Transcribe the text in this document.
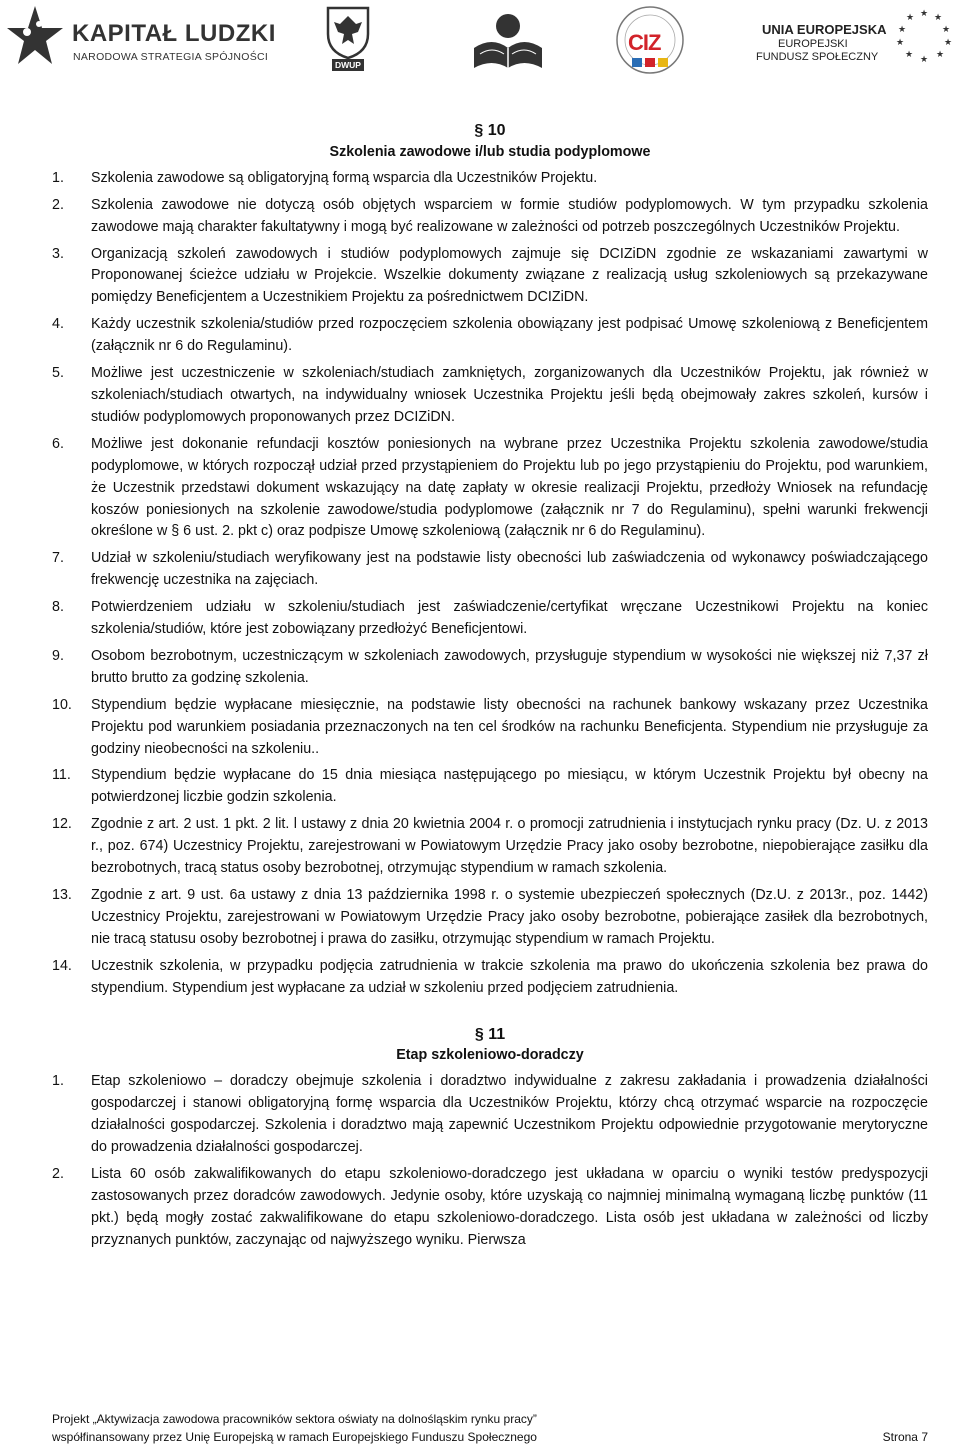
KAPITAŁ LUDZKI
NARODOWA STRATEGIA SPÓJNOŚCI
DWUP
CIZ
UNIA EUROPEJSKA
EUROPEJSKI
FUNDUSZ SPOŁECZNY
★ ★
★
★
★
★
★
★
★
★
§ 10
Szkolenia zawodowe i/lub studia podyplomowe
1. Szkolenia zawodowe są obligatoryjną formą wsparcia dla Uczestników Projektu.
2. Szkolenia zawodowe nie dotyczą osób objętych wsparciem w formie studiów podyplomowych. W tym przypadku szkolenia zawodowe mają charakter fakultatywny i mogą być realizowane w zależności od potrzeb poszczególnych Uczestników Projektu.
3. Organizacją szkoleń zawodowych i studiów podyplomowych zajmuje się DCIZiDN zgodnie ze wskazaniami zawartymi w Proponowanej ścieżce udziału w Projekcie. Wszelkie dokumenty związane z realizacją usług szkoleniowych są przekazywane pomiędzy Beneficjentem a Uczestnikiem Projektu za pośrednictwem DCIZiDN.
4. Każdy uczestnik szkolenia/studiów przed rozpoczęciem szkolenia obowiązany jest podpisać Umowę szkoleniową z Beneficjentem (załącznik nr 6 do Regulaminu).
5. Możliwe jest uczestniczenie w szkoleniach/studiach zamkniętych, zorganizowanych dla Uczestników Projektu, jak również w szkoleniach/studiach otwartych, na indywidualny wniosek Uczestnika Projektu jeśli będą obejmowały zakres szkoleń, kursów i studiów podyplomowych proponowanych przez DCIZiDN.
6. Możliwe jest dokonanie refundacji kosztów poniesionych na wybrane przez Uczestnika Projektu szkolenia zawodowe/studia podyplomowe, w których rozpoczął udział przed przystąpieniem do Projektu lub po jego przystąpieniu do Projektu, pod warunkiem, że Uczestnik przedstawi dokument wskazujący na datę zapłaty w okresie realizacji Projektu, przedłoży Wniosek na refundację koszów poniesionych na szkolenie zawodowe/studia podyplomowe (załącznik nr 7 do Regulaminu), spełni warunki frekwencji określone w § 6 ust. 2. pkt c) oraz podpisze Umowę szkoleniową (załącznik nr 6 do Regulaminu).
7. Udział w szkoleniu/studiach weryfikowany jest na podstawie listy obecności lub zaświadczenia od wykonawcy poświadczającego frekwencję uczestnika na zajęciach.
8. Potwierdzeniem udziału w szkoleniu/studiach jest zaświadczenie/certyfikat wręczane Uczestnikowi Projektu na koniec szkolenia/studiów, które jest zobowiązany przedłożyć Beneficjentowi.
9. Osobom bezrobotnym, uczestniczącym w szkoleniach zawodowych, przysługuje stypendium w wysokości nie większej niż 7,37 zł brutto brutto za godzinę szkolenia.
10. Stypendium będzie wypłacane miesięcznie, na podstawie listy obecności na rachunek bankowy wskazany przez Uczestnika Projektu pod warunkiem posiadania przeznaczonych na ten cel środków na rachunku Beneficjenta. Stypendium nie przysługuje za godziny nieobecności na szkoleniu..
11. Stypendium będzie wypłacane do 15 dnia miesiąca następującego po miesiącu, w którym Uczestnik Projektu był obecny na potwierdzonej liczbie godzin szkolenia.
12. Zgodnie z art. 2 ust. 1 pkt. 2 lit. l ustawy z dnia 20 kwietnia 2004 r. o promocji zatrudnienia i instytucjach rynku pracy (Dz. U. z 2013 r., poz. 674) Uczestnicy Projektu, zarejestrowani w Powiatowym Urzędzie Pracy jako osoby bezrobotne, niepobierające zasiłku dla bezrobotnych, tracą status osoby bezrobotnej, otrzymując stypendium w ramach szkolenia.
13. Zgodnie z art. 9 ust. 6a ustawy z dnia 13 października 1998 r. o systemie ubezpieczeń społecznych (Dz.U. z 2013r., poz. 1442) Uczestnicy Projektu, zarejestrowani w Powiatowym Urzędzie Pracy jako osoby bezrobotne, pobierające zasiłek dla bezrobotnych, nie tracą statusu osoby bezrobotnej i prawa do zasiłku, otrzymując stypendium w ramach Projektu.
14. Uczestnik szkolenia, w przypadku podjęcia zatrudnienia w trakcie szkolenia ma prawo do ukończenia szkolenia bez prawa do stypendium. Stypendium jest wypłacane za udział w szkoleniu przed podjęciem zatrudnienia.
§ 11
Etap szkoleniowo-doradczy
1. Etap szkoleniowo – doradczy obejmuje szkolenia i doradztwo indywidualne z zakresu zakładania i prowadzenia działalności gospodarczej i stanowi obligatoryjną formę wsparcia dla Uczestników Projektu, którzy chcą otrzymać wsparcie na rozpoczęcie działalności gospodarczej. Szkolenia i doradztwo mają zapewnić Uczestnikom Projektu odpowiednie przygotowanie merytoryczne do prowadzenia działalności gospodarczej.
2. Lista 60 osób zakwalifikowanych do etapu szkoleniowo-doradczego jest układana w oparciu o wyniki testów predyspozycji zastosowanych przez doradców zawodowych. Jedynie osoby, które uzyskają co najmniej minimalną wymaganą liczbę punktów (11 pkt.) będą mogły zostać zakwalifikowane do etapu szkoleniowo-doradczego. Lista osób jest układana w zależności od liczby przyznanych punktów, zaczynając od najwyższego wyniku. Pierwsza
Projekt „Aktywizacja zawodowa pracowników sektora oświaty na dolnośląskim rynku pracy”
współfinansowany przez Unię Europejską w ramach Europejskiego Funduszu Społecznego	Strona 7
